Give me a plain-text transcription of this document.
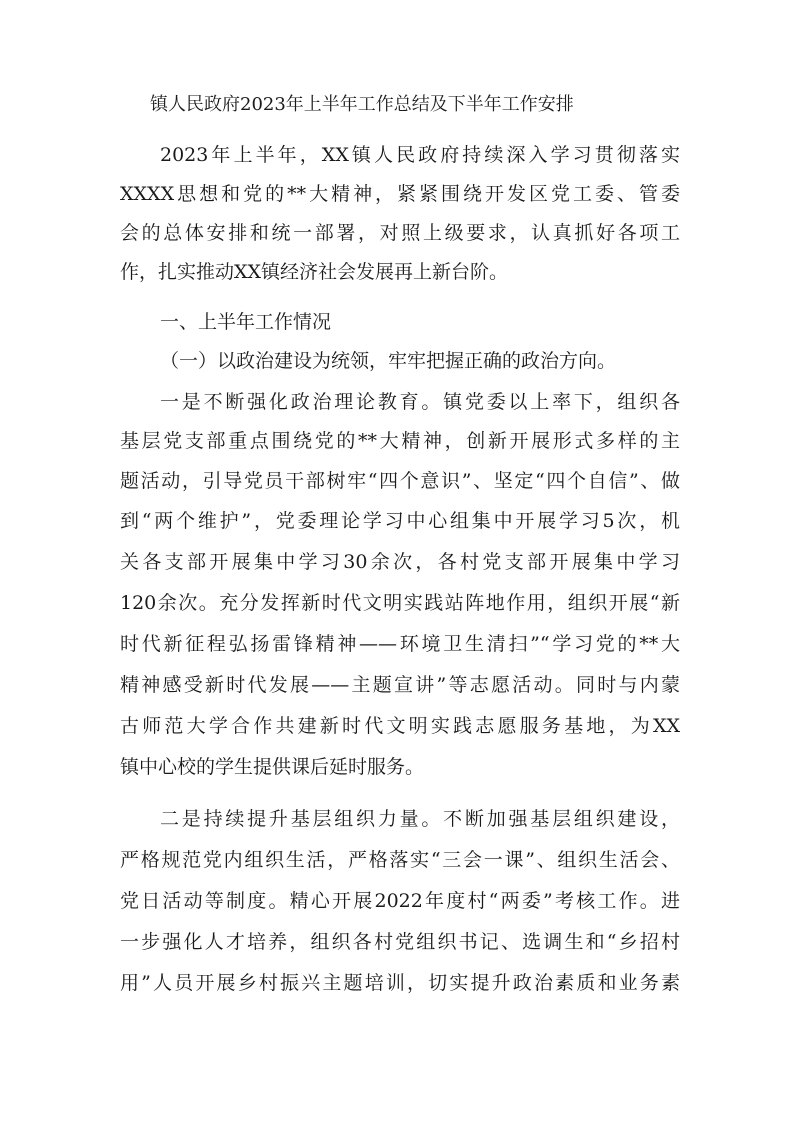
镇人民政府2023年上半年工作总结及下半年工作安排
2023年上半年，XX镇人民政府持续深入学习贯彻落实
XXXX思想和党的**大精神，紧紧围绕开发区党工委、管委
会的总体安排和统一部署，对照上级要求，认真抓好各项工
作，扎实推动XX镇经济社会发展再上新台阶。
一、上半年工作情况
（一）以政治建设为统领，牢牢把握正确的政治方向。
一是不断强化政治理论教育。镇党委以上率下，组织各
基层党支部重点围绕党的**大精神，创新开展形式多样的主
题活动，引导党员干部树牢“四个意识”、坚定“四个自信”、做
到“两个维护”，党委理论学习中心组集中开展学习5次，机
关各支部开展集中学习30余次，各村党支部开展集中学习
120余次。充分发挥新时代文明实践站阵地作用，组织开展“新
时代新征程弘扬雷锋精神——环境卫生清扫”“学习党的**大
精神感受新时代发展——主题宣讲”等志愿活动。同时与内蒙
古师范大学合作共建新时代文明实践志愿服务基地，为XX
镇中心校的学生提供课后延时服务。
二是持续提升基层组织力量。不断加强基层组织建设，
严格规范党内组织生活，严格落实“三会一课”、组织生活会、
党日活动等制度。精心开展2022年度村“两委”考核工作。进
一步强化人才培养，组织各村党组织书记、选调生和“乡招村
用”人员开展乡村振兴主题培训，切实提升政治素质和业务素
